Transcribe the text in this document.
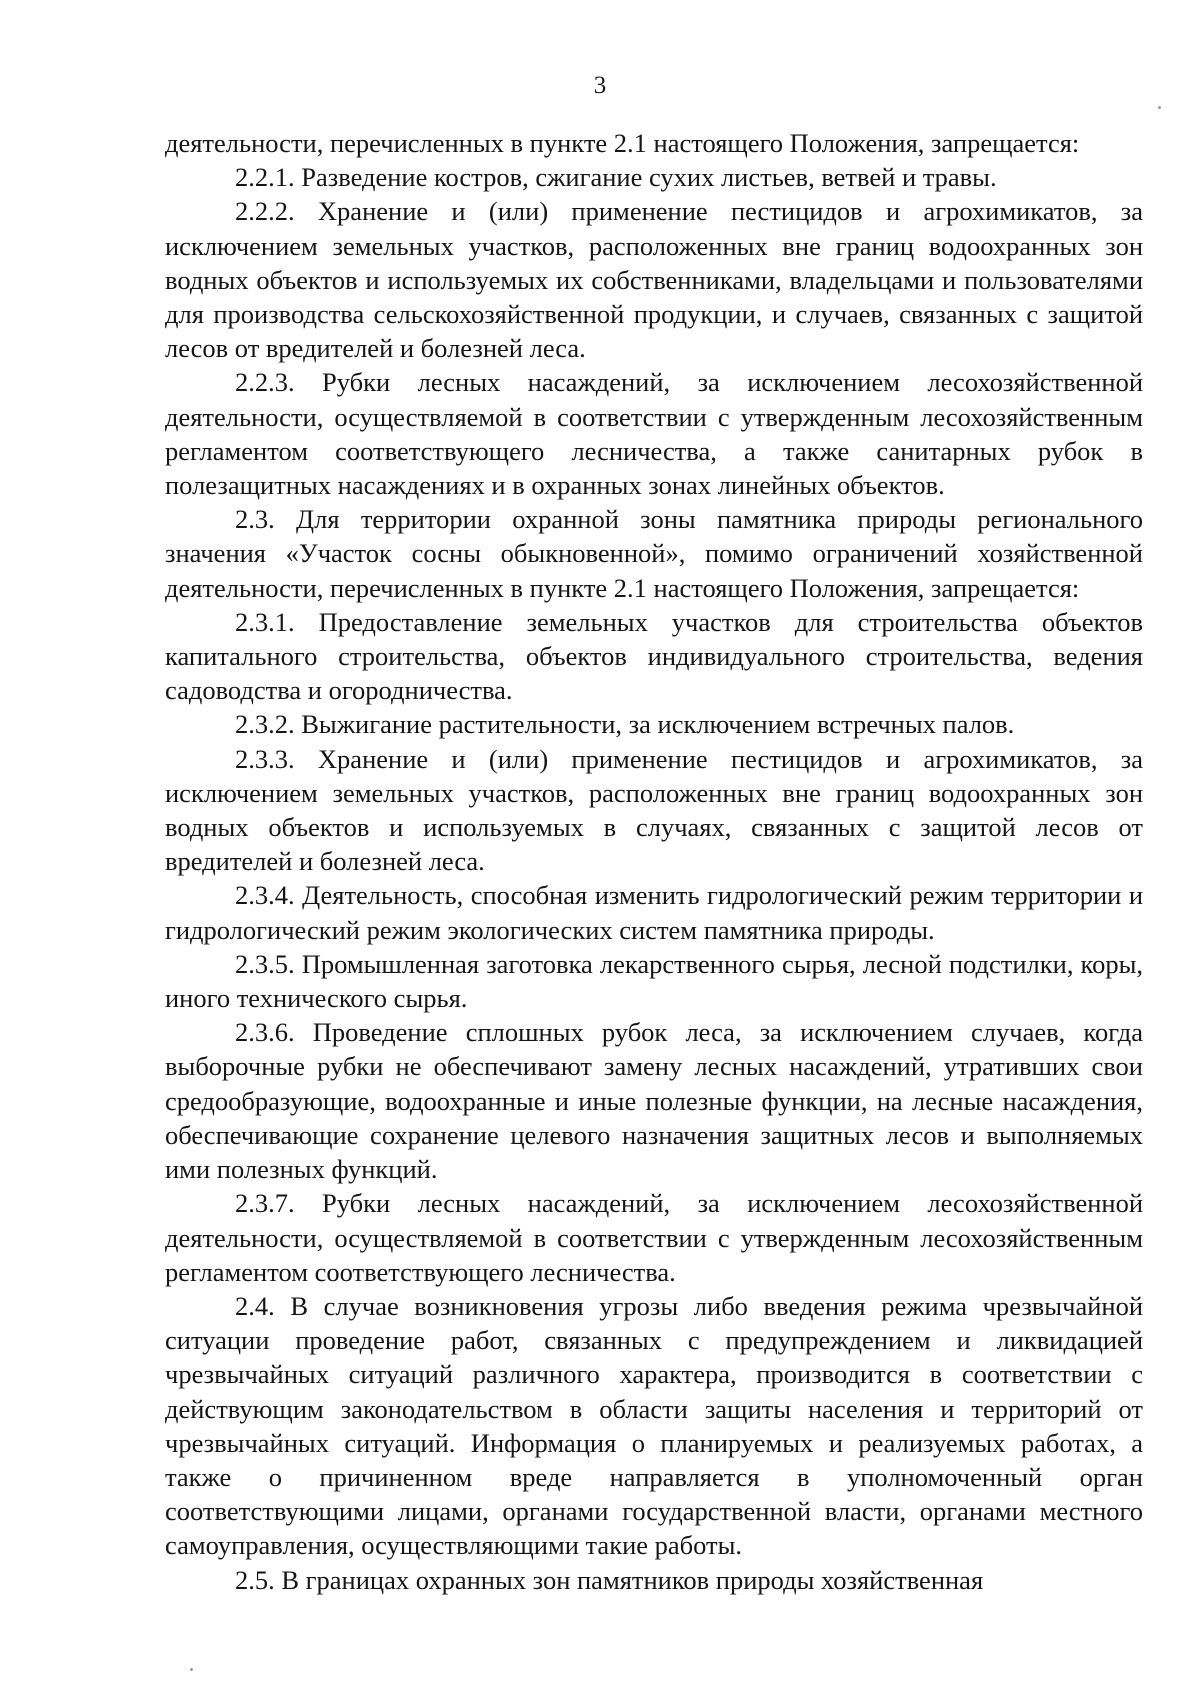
3

деятельности, перечисленных в пункте 2.1 настоящего Положения, запрещается:

2.2.1. Разведение костров, сжигание сухих листьев, ветвей и травы.

2.2.2. Хранение и (или) применение пестицидов и агрохимикатов, за исключением земельных участков, расположенных вне границ водоохранных зон водных объектов и используемых их собственниками, владельцами и пользователями для производства сельскохозяйственной продукции, и случаев, связанных с защитой лесов от вредителей и болезней леса.

2.2.3. Рубки лесных насаждений, за исключением лесохозяйственной деятельности, осуществляемой в соответствии с утвержденным лесохозяйственным регламентом соответствующего лесничества, а также санитарных рубок в полезащитных насаждениях и в охранных зонах линейных объектов.

2.3. Для территории охранной зоны памятника природы регионального значения «Участок сосны обыкновенной», помимо ограничений хозяйственной деятельности, перечисленных в пункте 2.1 настоящего Положения, запрещается:

2.3.1. Предоставление земельных участков для строительства объектов капитального строительства, объектов индивидуального строительства, ведения садоводства и огородничества.

2.3.2. Выжигание растительности, за исключением встречных палов.

2.3.3. Хранение и (или) применение пестицидов и агрохимикатов, за исключением земельных участков, расположенных вне границ водоохранных зон водных объектов и используемых в случаях, связанных с защитой лесов от вредителей и болезней леса.

2.3.4. Деятельность, способная изменить гидрологический режим территории и гидрологический режим экологических систем памятника природы.

2.3.5. Промышленная заготовка лекарственного сырья, лесной подстилки, коры, иного технического сырья.

2.3.6. Проведение сплошных рубок леса, за исключением случаев, когда выборочные рубки не обеспечивают замену лесных насаждений, утративших свои средообразующие, водоохранные и иные полезные функции, на лесные насаждения, обеспечивающие сохранение целевого назначения защитных лесов и выполняемых ими полезных функций.

2.3.7. Рубки лесных насаждений, за исключением лесохозяйственной деятельности, осуществляемой в соответствии с утвержденным лесохозяйственным регламентом соответствующего лесничества.

2.4. В случае возникновения угрозы либо введения режима чрезвычайной ситуации проведение работ, связанных с предупреждением и ликвидацией чрезвычайных ситуаций различного характера, производится в соответствии с действующим законодательством в области защиты населения и территорий от чрезвычайных ситуаций. Информация о планируемых и реализуемых работах, а также о причиненном вреде направляется в уполномоченный орган соответствующими лицами, органами государственной власти, органами местного самоуправления, осуществляющими такие работы.

2.5. В границах охранных зон памятников природы хозяйственная
